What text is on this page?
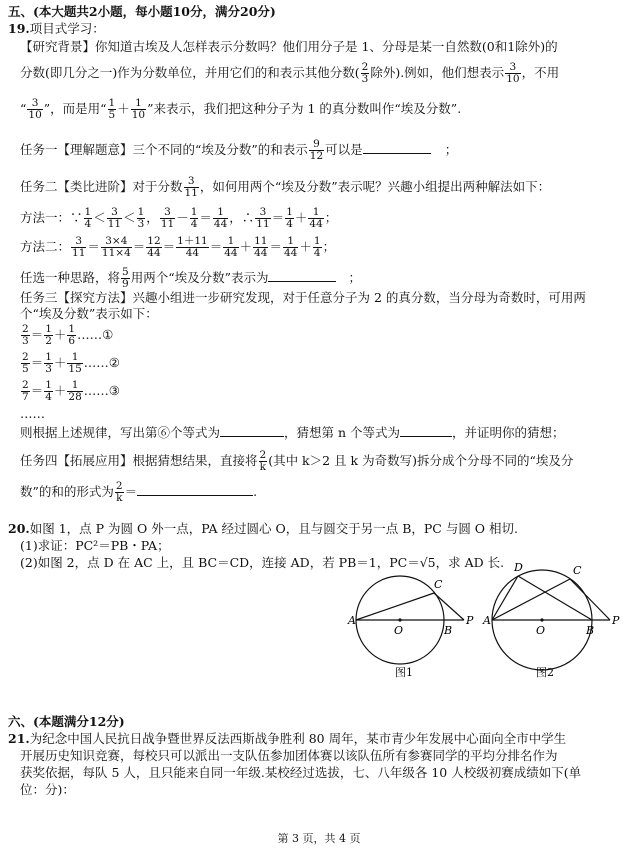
五、(本大题共2小题，每小题10分，满分20分)
19.项目式学习：
【研究背景】你知道古埃及人怎样表示分数吗？他们用分子是 1、分母是某一自然数(0和1除外)的
分数(即几分之一)作为分数单位，并用它们的和表示其他分数( $\frac{2}{3}$ 除外).例如，他们想表示 $\frac{3}{10}$ ，不用
“ $\frac{3}{10}$ ”，而是用“ $\frac{1}{5} + \frac{1}{10}$ ”来表示，我们把这种分子为 1 的真分数叫作“埃及分数”.
任务一【理解题意】三个不同的“埃及分数”的和表示 $\frac{9}{12}$ 可以是	；
任务二【类比进阶】对于分数 $\frac{3}{11}$ ，如何用两个“埃及分数”表示呢？兴趣小组提出两种解法如下：
方法一：∵ $\frac{1}{4} < \frac{3}{11} < \frac{1}{3}$ ， $\frac{3}{11} - \frac{1}{4} = \frac{1}{44}$ ，∴ $\frac{3}{11} = \frac{1}{4} + \frac{1}{44}$ ；
方法二： $\frac{3}{11} = \frac{3\times 4}{11\times 4} = \frac{12}{44} = \frac{1+11}{44} = \frac{1}{44} + \frac{11}{44} = \frac{1}{44} + \frac{1}{4}$ ；
任选一种思路，将 $\frac{5}{9}$ 用两个“埃及分数”表示为	；
任务三【探究方法】兴趣小组进一步研究发现，对于任意分子为 2 的真分数，当分母为奇数时，可用两
个“埃及分数”表示如下：
$\frac{2}{3} = \frac{1}{2} + \frac{1}{6}$ ……①
$\frac{2}{5} = \frac{1}{3} + \frac{1}{15}$ ……②
$\frac{2}{7} = \frac{1}{4} + \frac{1}{28}$ ……③
……
则根据上述规律，写出第⑥个等式为	，猜想第 n 个等式为	，并证明你的猜想；
任务四【拓展应用】根据猜想结果，直接将 $\frac{2}{k}$ (其中 k＞2 且 k 为奇数写)拆分成个分母不同的“埃及分
数”的和的形式为 $\frac{2}{k}$ ＝	.
20.如图 1，点 P 为圆 O 外一点，PA 经过圆心 O，且与圆交于另一点 B，PC 与圆 O 相切.
(1)求证：PC²＝PB・PA；
(2)如图 2，点 D 在 AC 上，且 BC＝CD，连接 AD，若 PB＝1，PC＝√5，求 AD 长.
A
O	B
C
P
图1
A
O	B
C
D
P
图2
六、(本题满分12分)
21.为纪念中国人民抗日战争暨世界反法西斯战争胜利 80 周年，某市青少年发展中心面向全市中学生
开展历史知识竞赛，每校只可以派出一支队伍参加团体赛以该队伍所有参赛同学的平均分排名作为
获奖依据，每队 5 人，且只能来自同一年级.某校经过选拔，七、八年级各 10 人校级初赛成绩如下(单
位：分)：
第 3 页，共 4 页
